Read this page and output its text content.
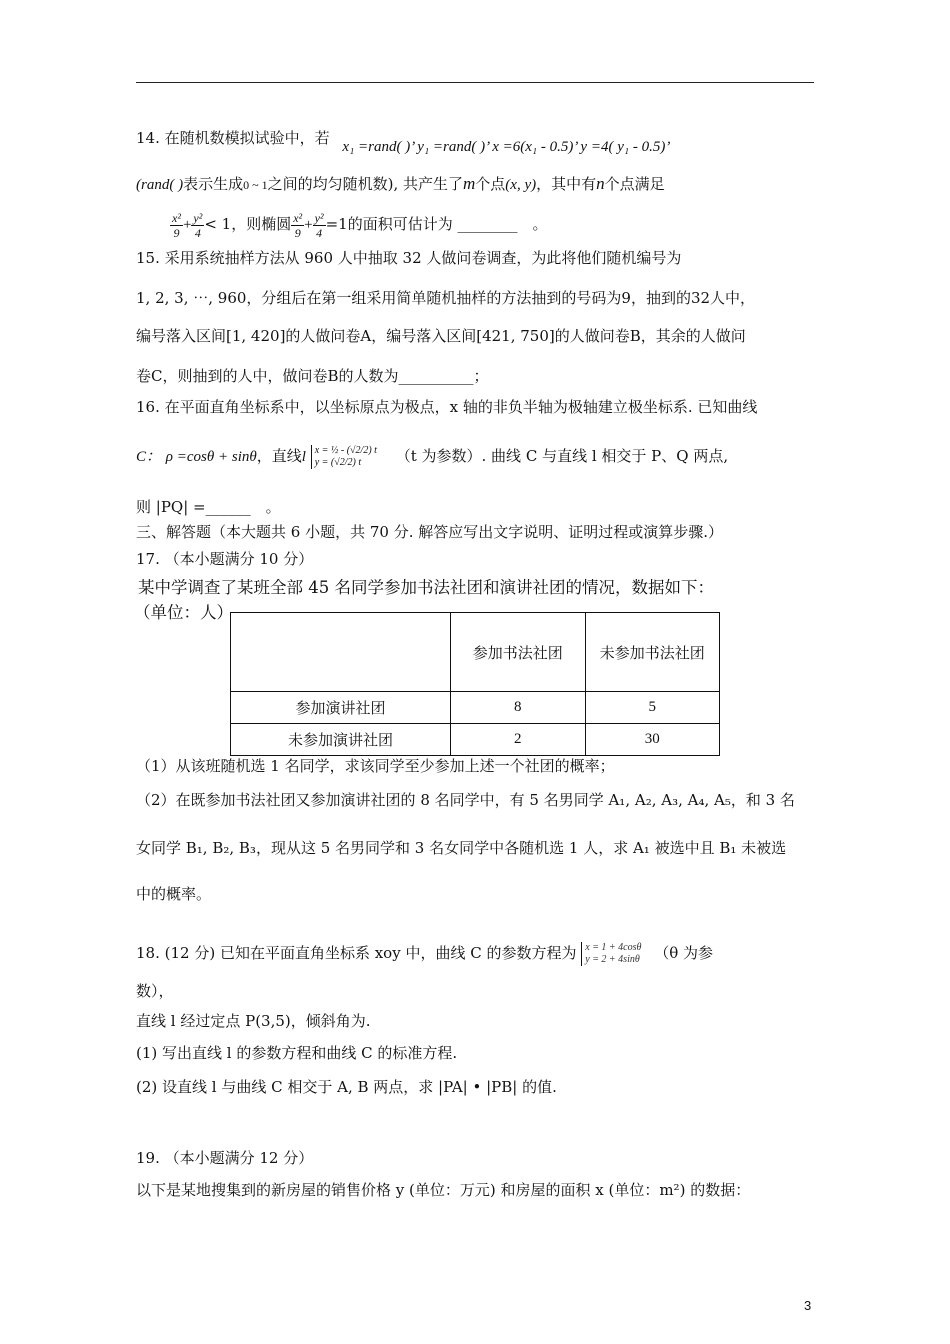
14. 在随机数模拟试验中，若 x₁ =rand( )’ y₁ =rand( )’ x =6(x₁ - 0.5)’ y =4( y₁ - 0.5)’
(rand( )表示生成0 ~ 1之间的均匀随机数), 共产生了m个点(x, y)，其中有n个点满足
$\frac{\text{x²}}{9} + \frac{\text{y²}}{4} < 1$，则椭圆 $\frac{\text{x²}}{9} + \frac{\text{y²}}{4} =1$的面积可估计为 ________　。
15. 采用系统抽样方法从 960 人中抽取 32 人做问卷调查，为此将他们随机编号为
1, 2, 3, ⋯, 960，分组后在第一组采用简单随机抽样的方法抽到的号码为9，抽到的32人中，
编号落入区间[1, 420]的人做问卷A，编号落入区间[421, 750]的人做问卷B，其余的人做问
卷C，则抽到的人中，做问卷B的人数为__________；
16. 在平面直角坐标系中，以坐标原点为极点，x 轴的非负半轴为极轴建立极坐标系. 已知曲线
C： ρ =cosθ + sinθ，直线l x = ½ - (√2/2) t
y = (√2/2) t	（t 为参数）. 曲线 C 与直线 l 相交于 P、Q 两点,
则 |PQ| =______　。
三、解答题（本大题共 6 小题，共 70 分. 解答应写出文字说明、证明过程或演算步骤.）
17. （本小题满分 10 分）
某中学调查了某班全部 45 名同学参加书法社团和演讲社团的情况，数据如下：
（单位：人）
	参加书法社团	未参加书法社团
参加演讲社团	8	5
未参加演讲社团	2	30
（1）从该班随机选 1 名同学，求该同学至少参加上述一个社团的概率；
（2）在既参加书法社团又参加演讲社团的 8 名同学中，有 5 名男同学 A₁, A₂, A₃, A₄, A₅，和 3 名
女同学 B₁, B₂, B₃，现从这 5 名男同学和 3 名女同学中各随机选 1 人，求 A₁ 被选中且 B₁ 未被选
中的概率。
18. (12 分) 已知在平面直角坐标系 xoy 中，曲线 C 的参数方程为 x = 1 + 4cosθ
y = 2 + 4sinθ （θ 为参
数），
直线 l 经过定点 P(3,5)，倾斜角为.
(1) 写出直线 l 的参数方程和曲线 C 的标准方程.
(2) 设直线 l 与曲线 C 相交于 A, B 两点，求 |PA| • |PB| 的值.
19. （本小题满分 12 分）
以下是某地搜集到的新房屋的销售价格 y (单位：万元) 和房屋的面积 x (单位：m²) 的数据：
3
